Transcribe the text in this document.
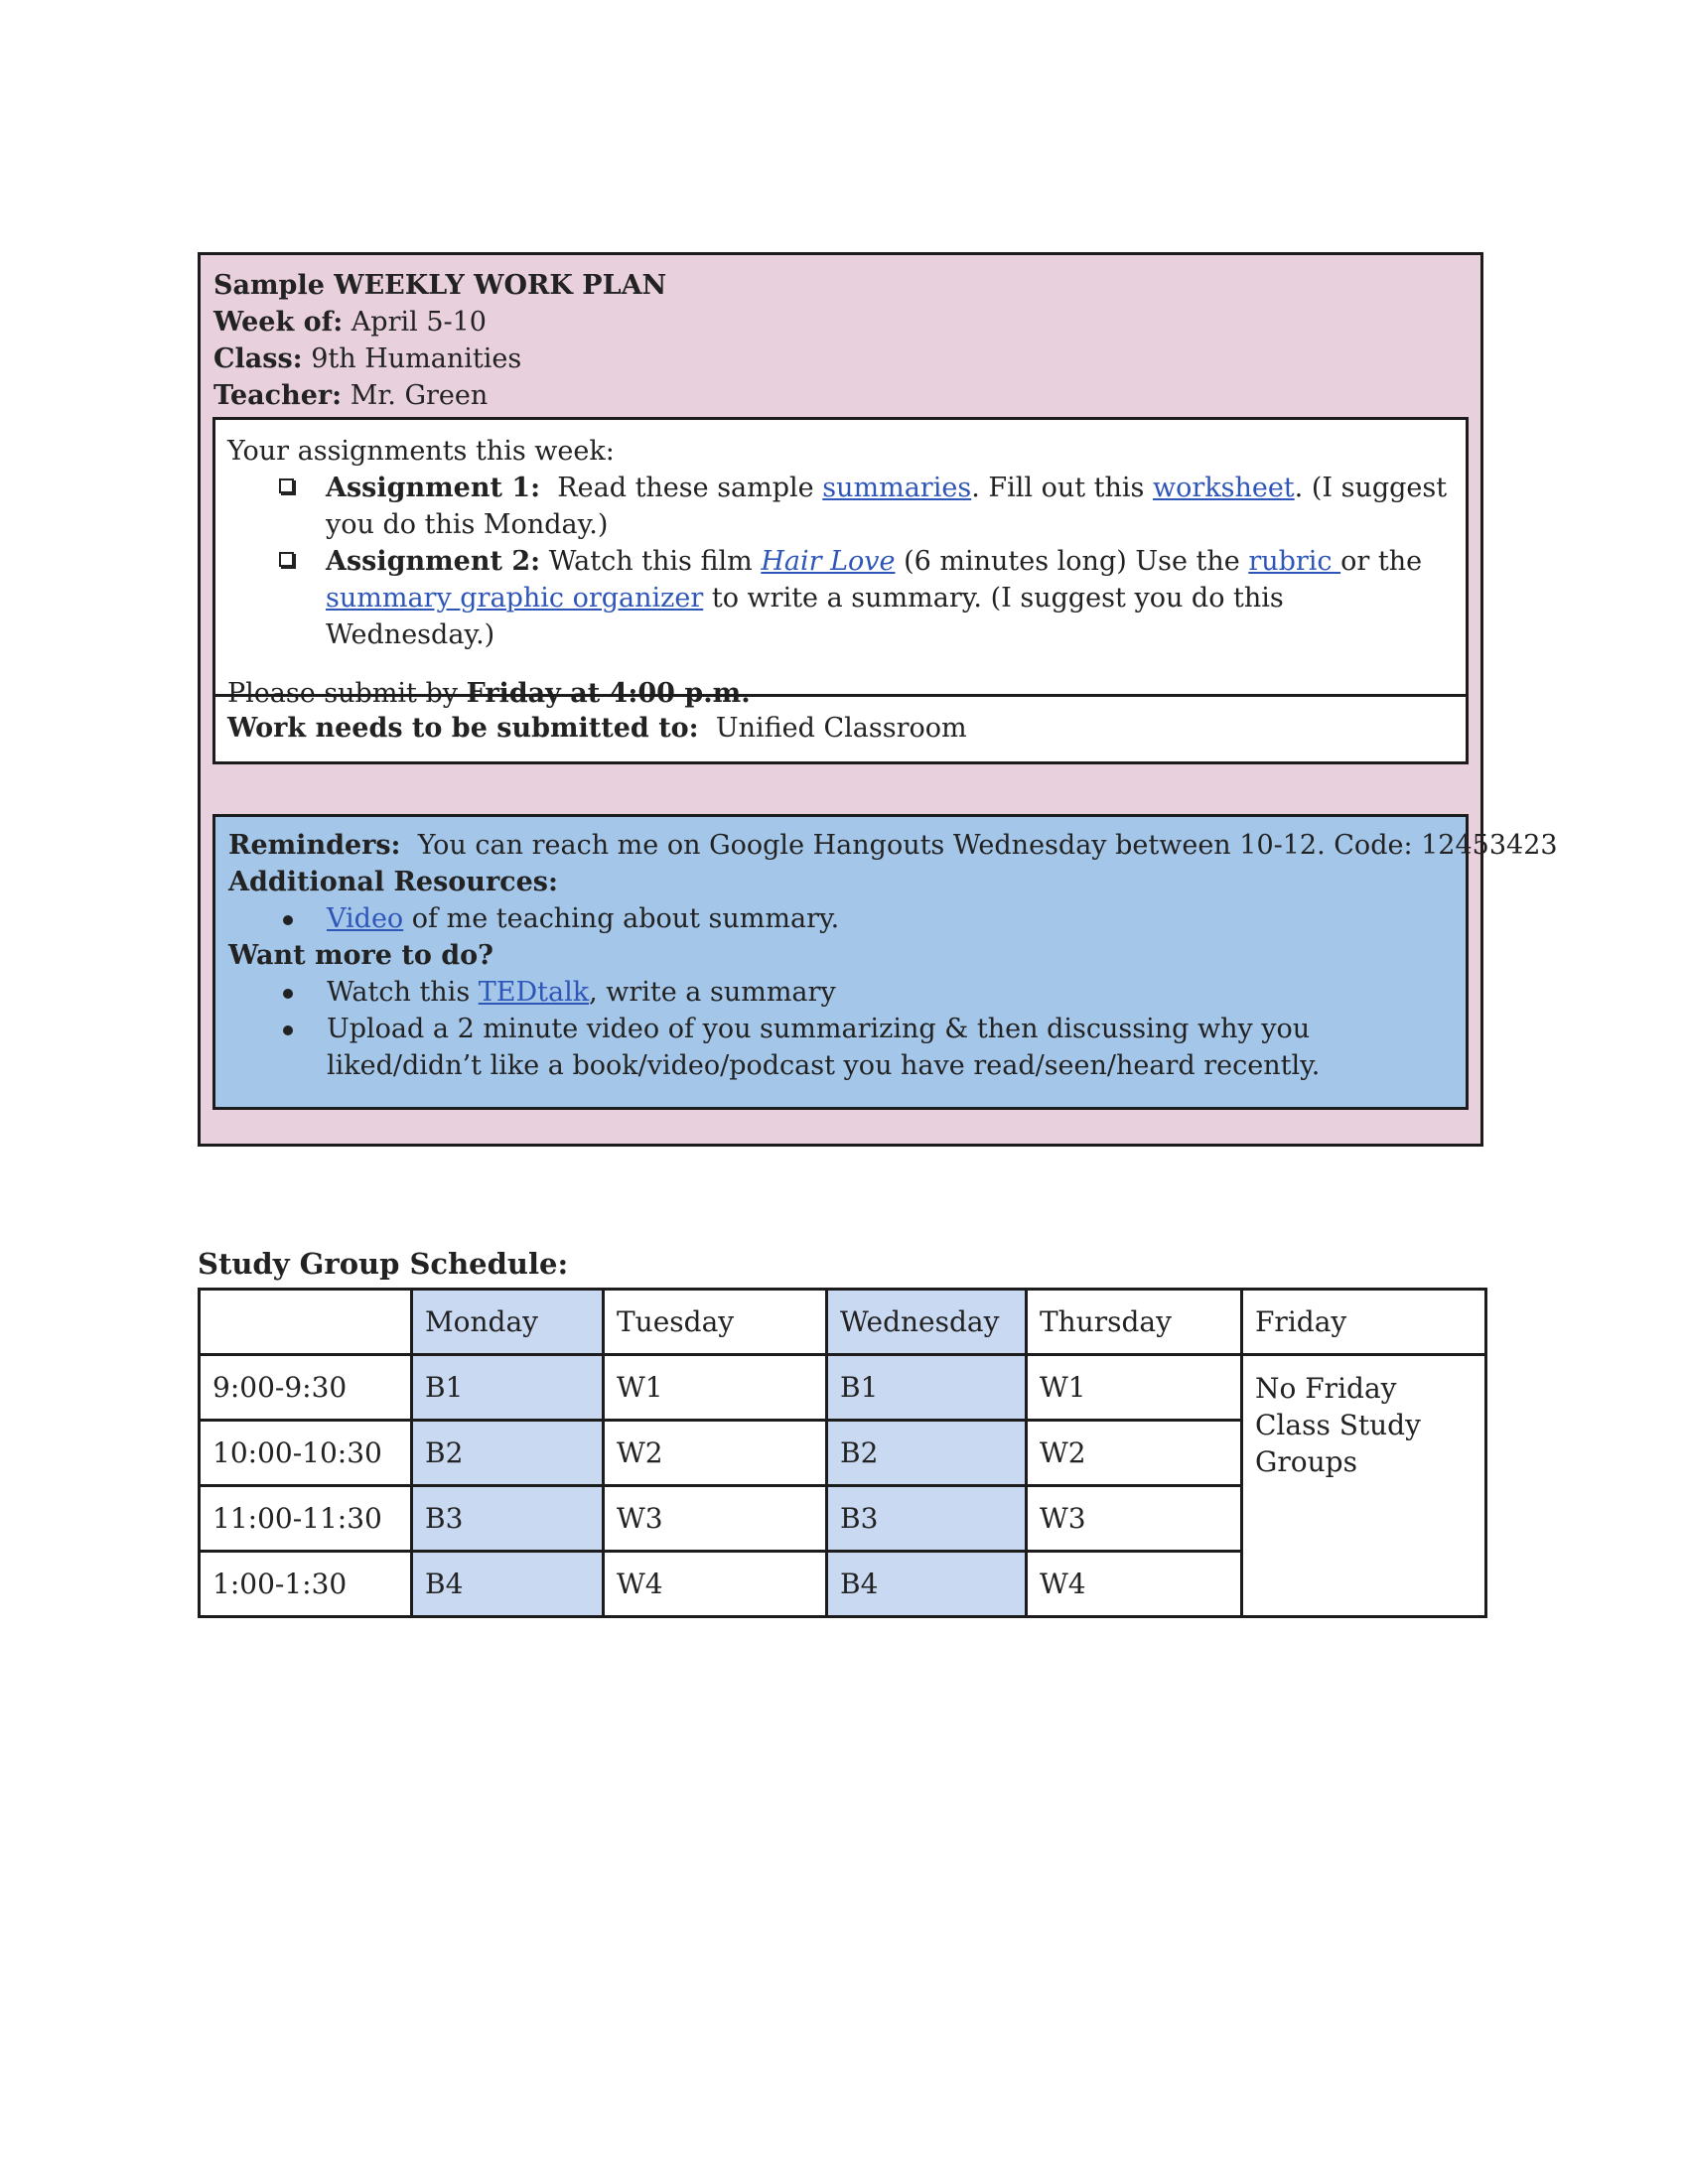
Sample WEEKLY WORK PLAN
Week of: April 5-10
Class: 9th Humanities
Teacher: Mr. Green
Your assignments this week:
Assignment 1: Read these sample summaries. Fill out this worksheet. (I suggest you do this Monday.)
Assignment 2: Watch this film Hair Love (6 minutes long) Use the rubric or the summary graphic organizer to write a summary. (I suggest you do this Wednesday.)
Please submit by Friday at 4:00 p.m.
Work needs to be submitted to: Unified Classroom
Reminders: You can reach me on Google Hangouts Wednesday between 10-12. Code: 12453423
Additional Resources:
Video of me teaching about summary.
Want more to do?
Watch this TEDtalk, write a summary
Upload a 2 minute video of you summarizing & then discussing why you liked/didn’t like a book/video/podcast you have read/seen/heard recently.
Study Group Schedule:
	Monday	Tuesday	Wednesday	Thursday	Friday
9:00-9:30	B1	W1	B1	W1	No Friday Class Study Groups
10:00-10:30	B2	W2	B2	W2	
11:00-11:30	B3	W3	B3	W3	
1:00-1:30	B4	W4	B4	W4	
